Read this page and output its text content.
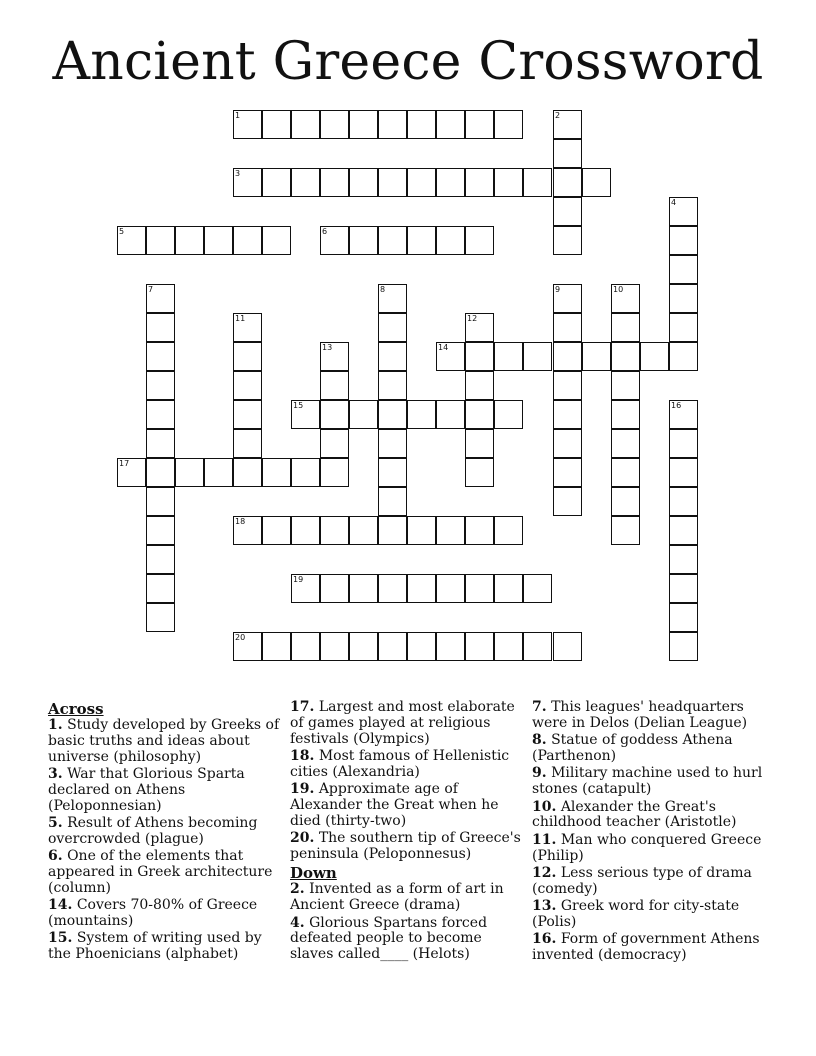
Ancient Greece Crossword
1	2
3
4
5	6
7	8	9	10
11	12
13	14
15	16
17
18
19
20
Across
1. Study developed by Greeks of basic truths and ideas about universe (philosophy)
3. War that Glorious Sparta declared on Athens (Peloponnesian)
5. Result of Athens becoming overcrowded (plague)
6. One of the elements that appeared in Greek architecture (column)
14. Covers 70-80% of Greece (mountains)
15. System of writing used by the Phoenicians (alphabet)
17. Largest and most elaborate of games played at religious festivals (Olympics)
18. Most famous of Hellenistic cities (Alexandria)
19. Approximate age of Alexander the Great when he died (thirty-two)
20. The southern tip of Greece's peninsula (Peloponnesus)
Down
2. Invented as a form of art in Ancient Greece (drama)
4. Glorious Spartans forced defeated people to become slaves called____ (Helots)
7. This leagues' headquarters were in Delos (Delian League)
8. Statue of goddess Athena (Parthenon)
9. Military machine used to hurl stones (catapult)
10. Alexander the Great's childhood teacher (Aristotle)
11. Man who conquered Greece (Philip)
12. Less serious type of drama (comedy)
13. Greek word for city-state (Polis)
16. Form of government Athens invented (democracy)
